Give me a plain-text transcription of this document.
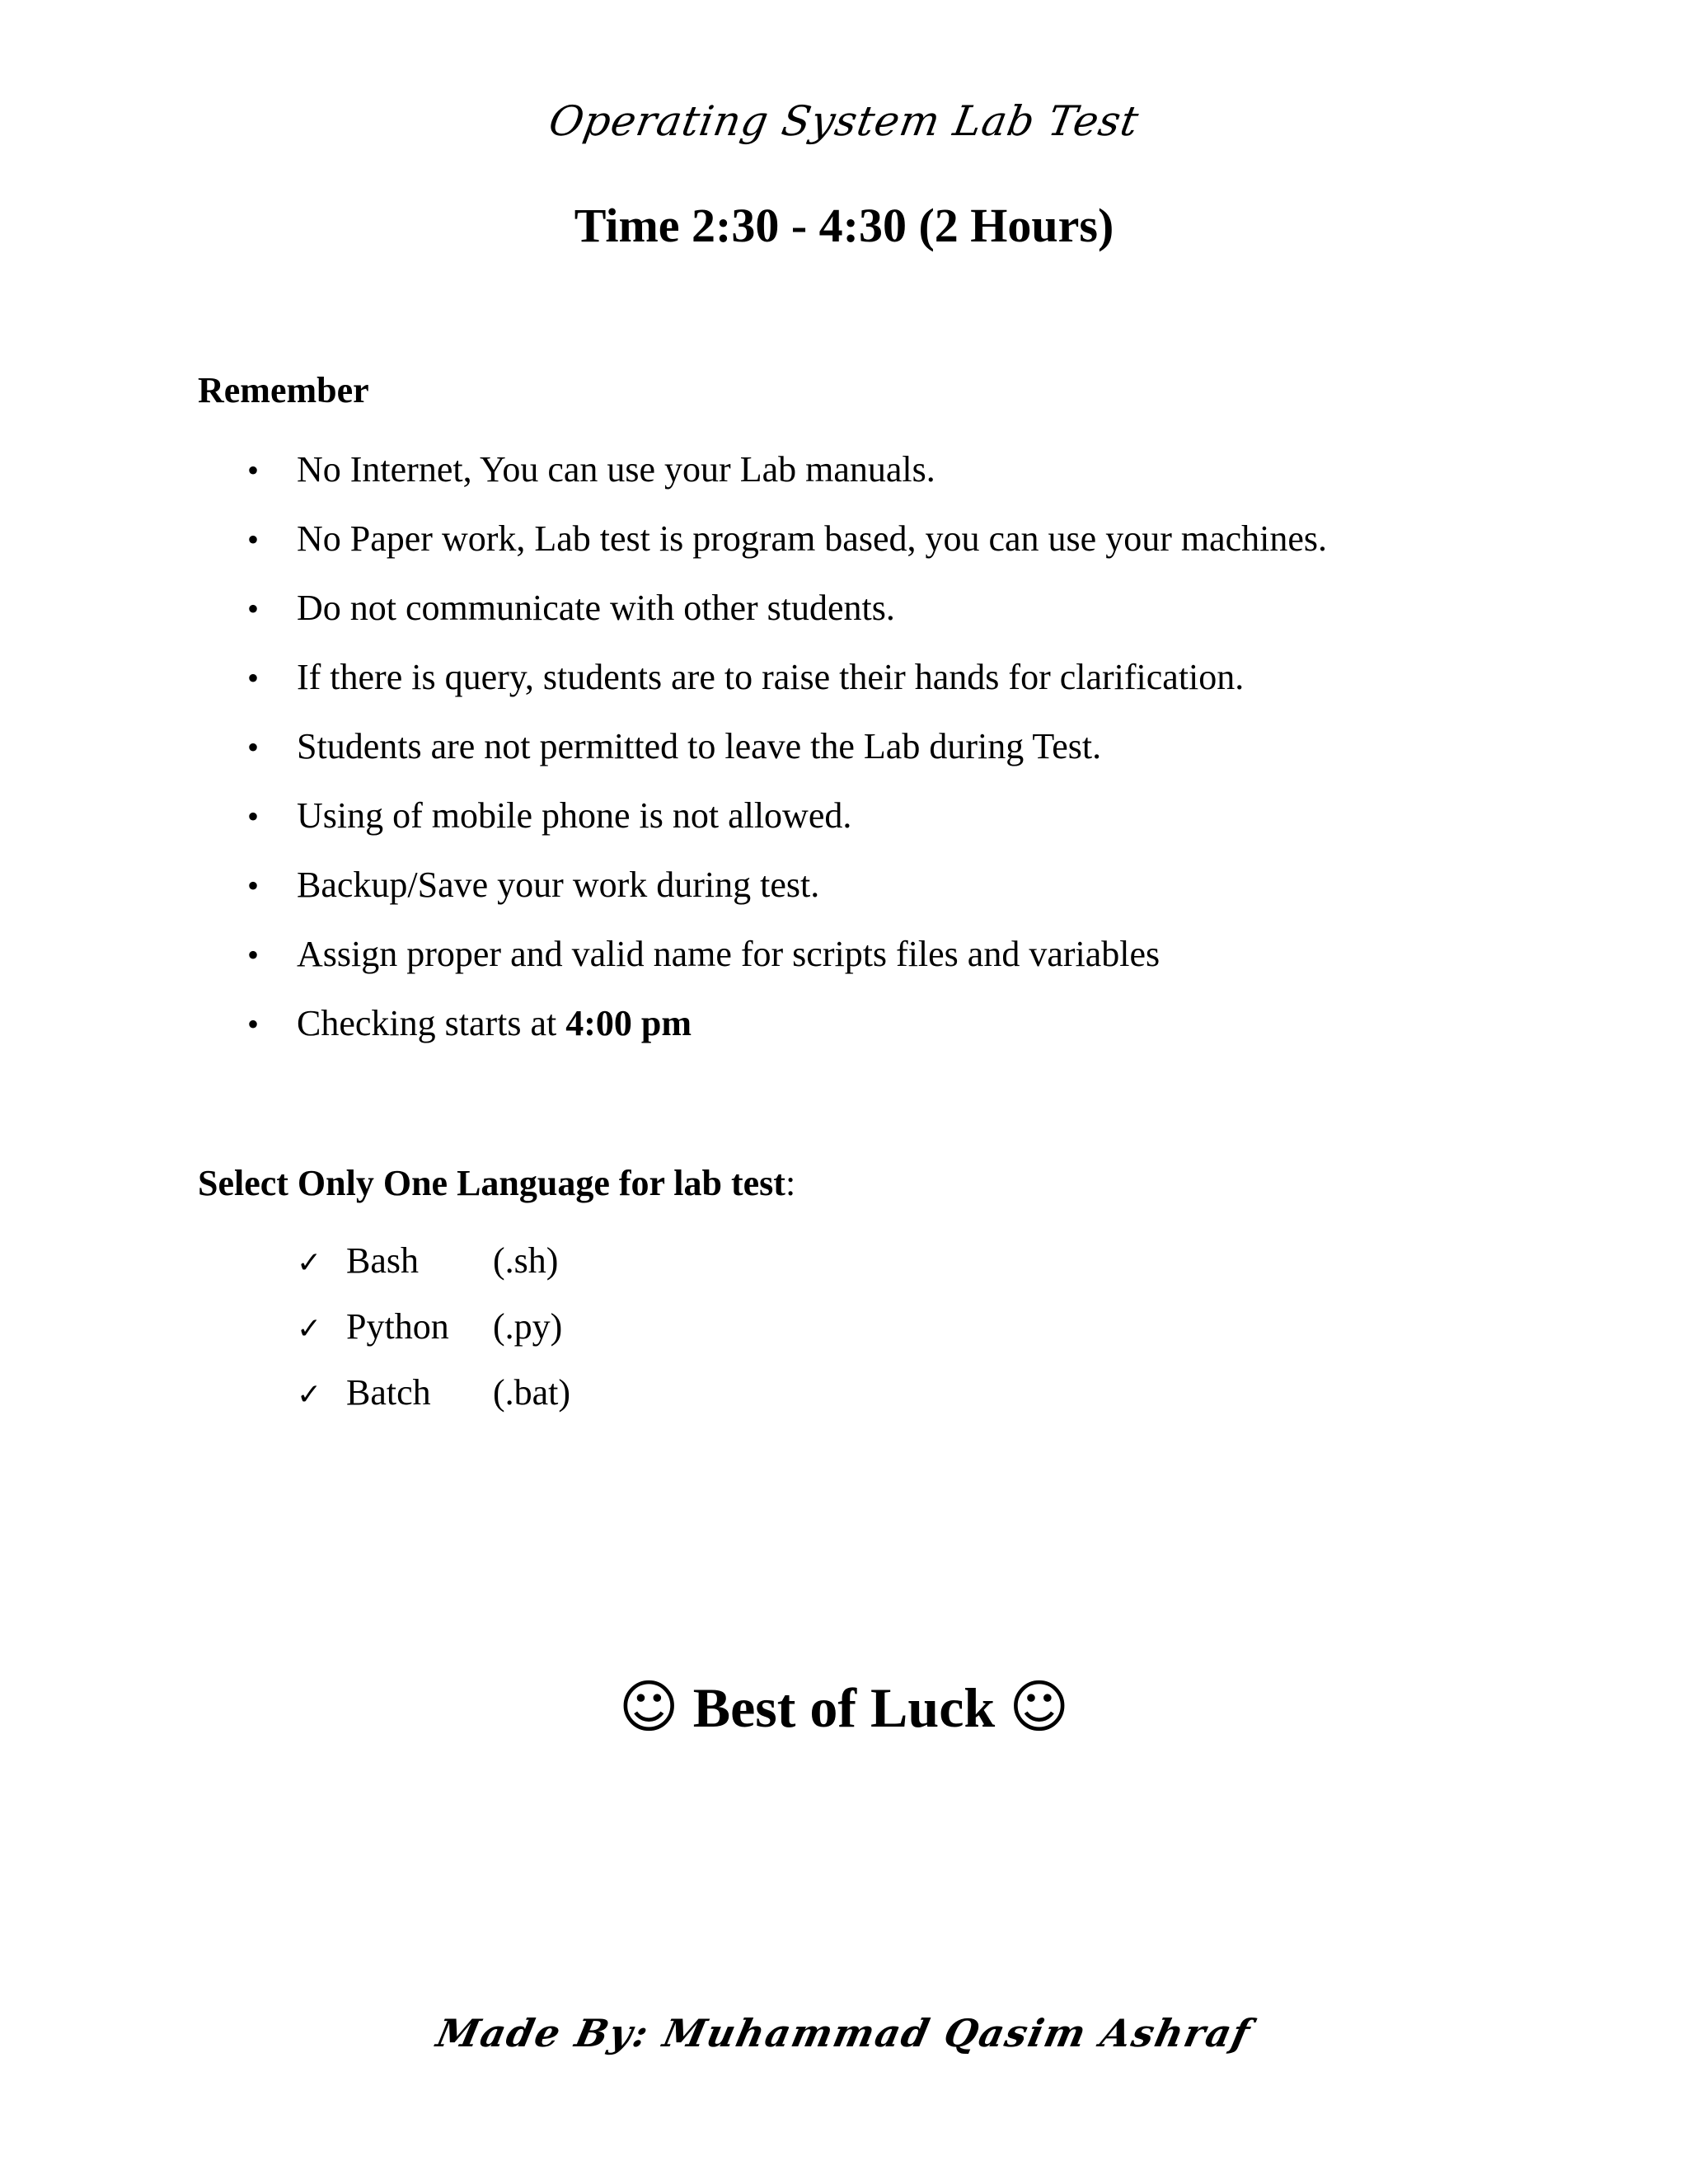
Operating System Lab Test
Time 2:30 - 4:30 (2 Hours)
Remember
•	No Internet, You can use your Lab manuals.
•	No Paper work, Lab test is program based, you can use your machines.
•	Do not communicate with other students.
•	If there is query, students are to raise their hands for clarification.
•	Students are not permitted to leave the Lab during Test.
•	Using of mobile phone is not allowed.
•	Backup/Save your work during test.
•	Assign proper and valid name for scripts files and variables
•	Checking starts at 4:00 pm
Select Only One Language for lab test:
✓ Bash	(.sh)
✓ Python	(.py)
✓ Batch	(.bat)
☺ Best of Luck ☺
Made By: Muhammad Qasim Ashraf
